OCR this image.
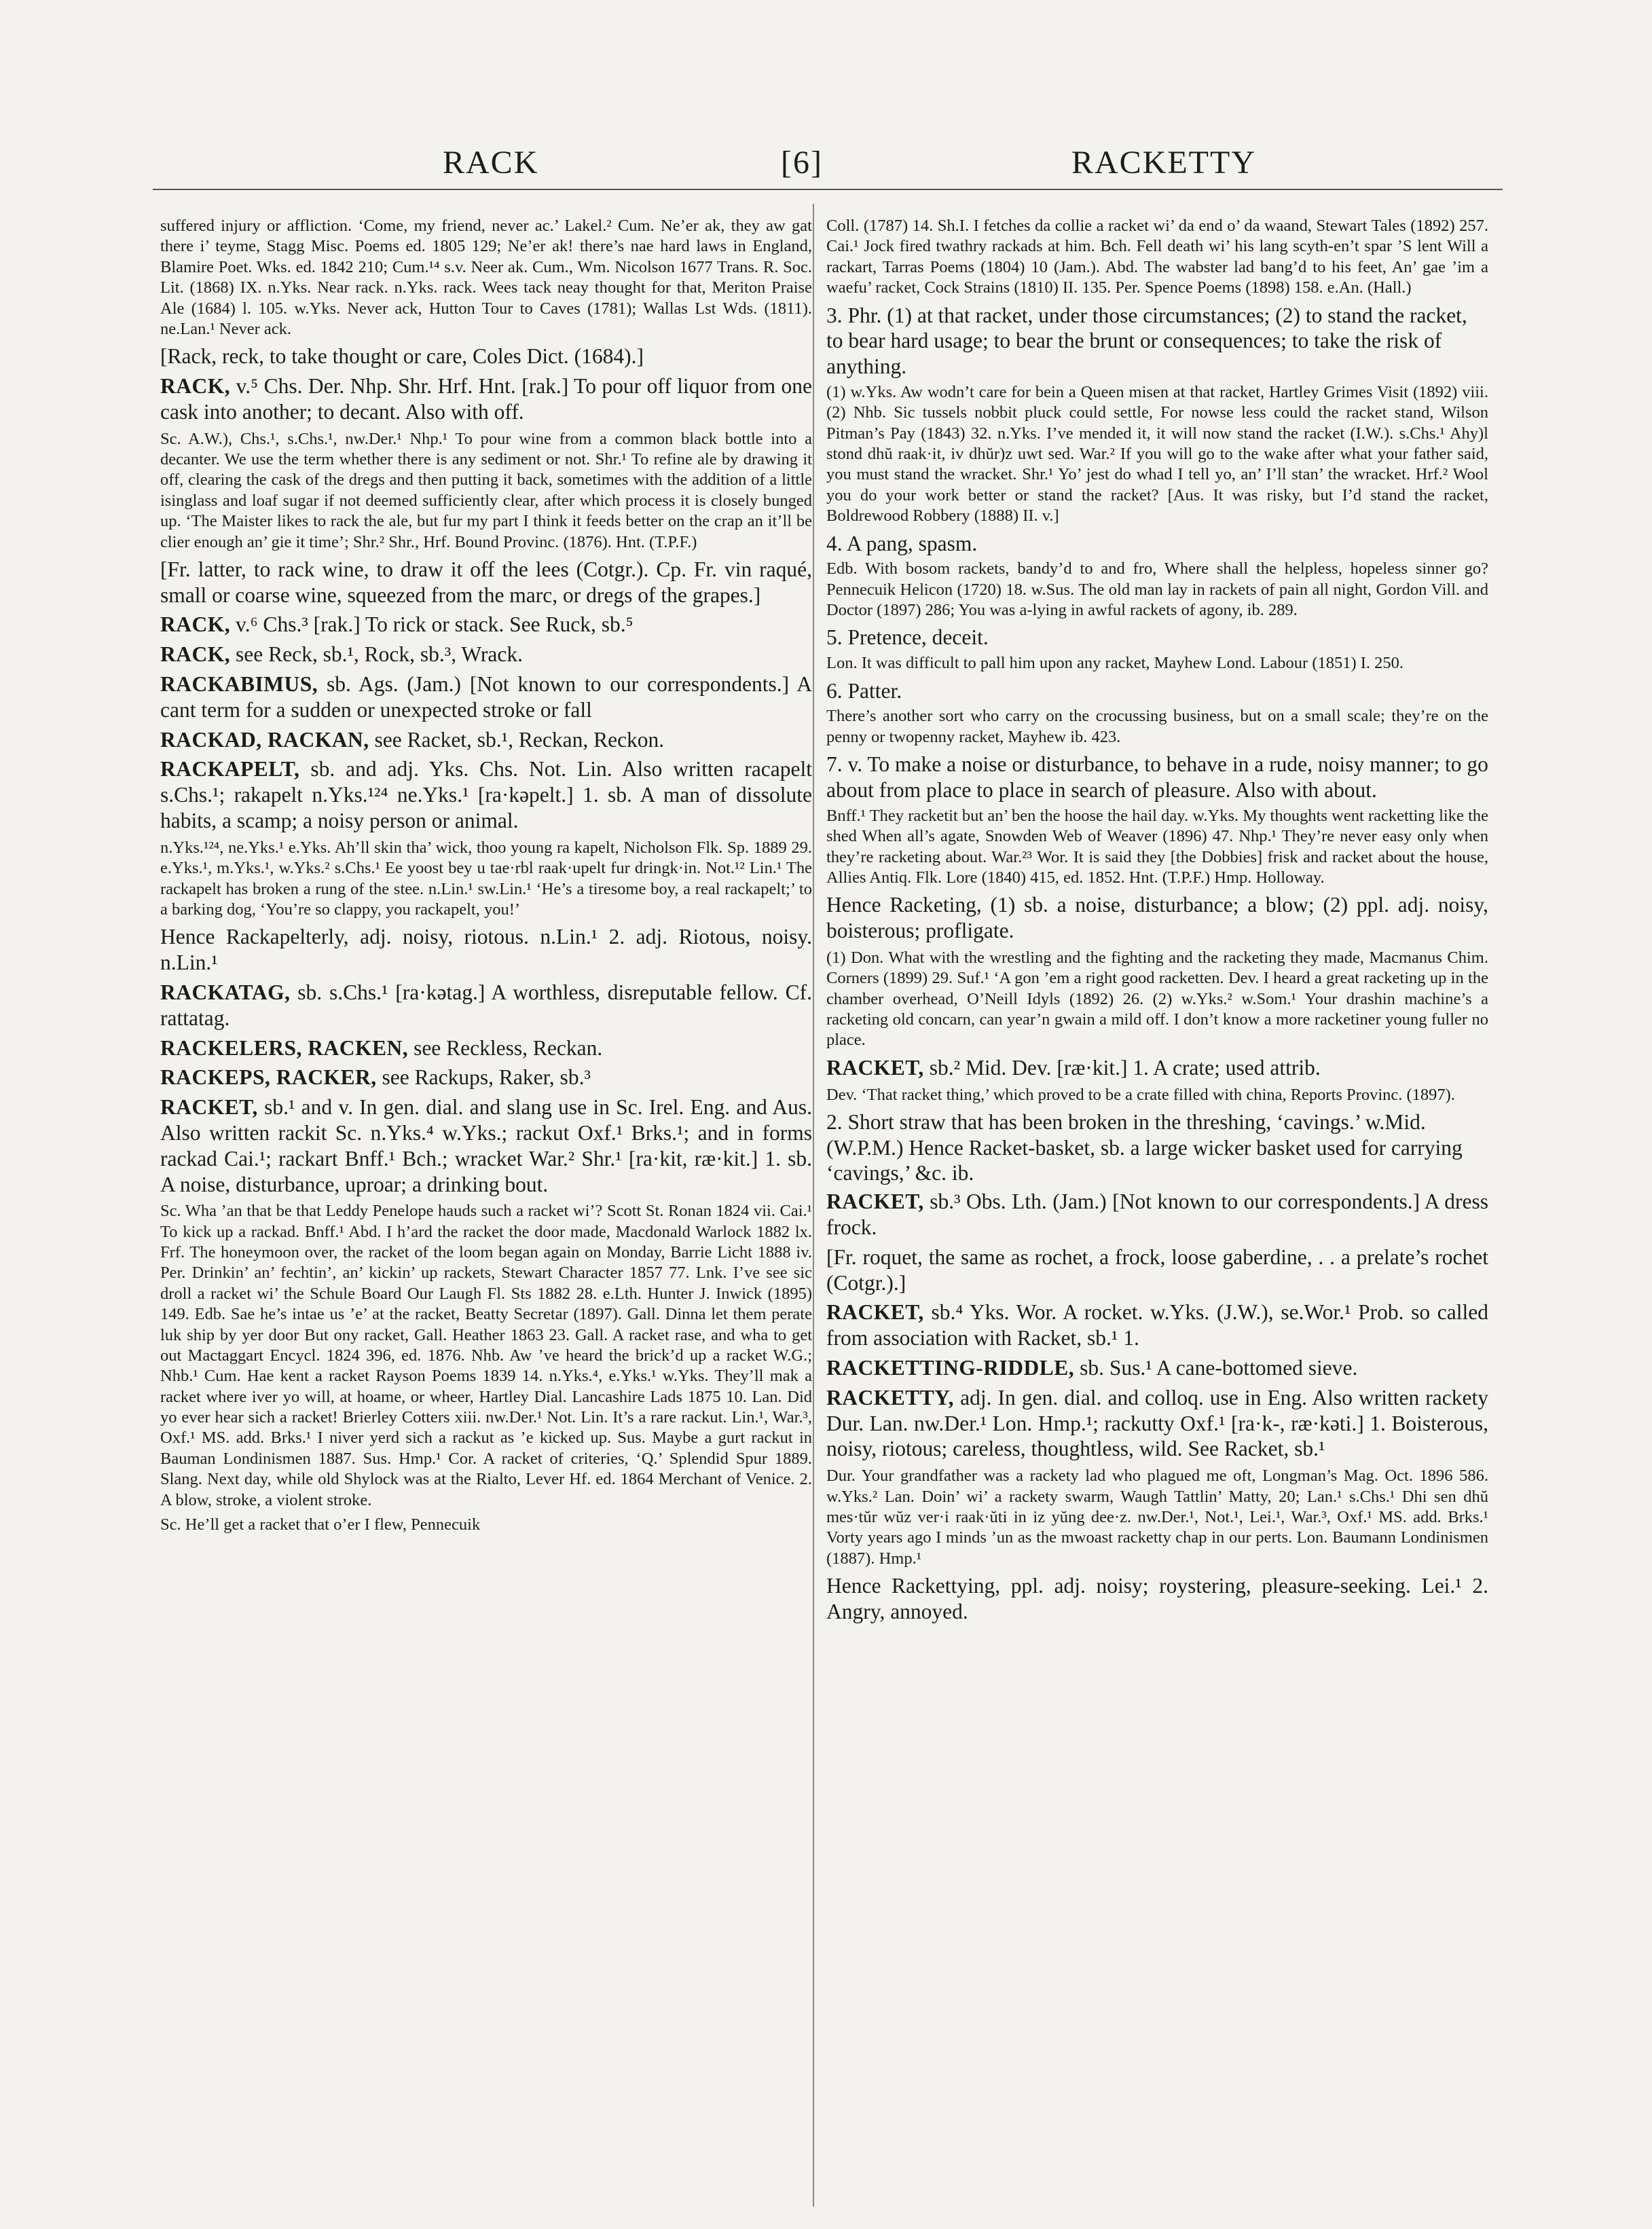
RACK	[6]	RACKETTY

suffered injury or affliction. ‘Come, my friend, never ac.’ Lakel.² Cum. Ne’er ak, they aw gat there i’ teyme, Stagg Misc. Poems ed. 1805 129; Ne’er ak! there’s nae hard laws in England, Blamire Poet. Wks. ed. 1842 210; Cum.¹⁴ s.v. Neer ak. Cum., Wm. Nicolson 1677 Trans. R. Soc. Lit. (1868) IX. n.Yks. Near rack. n.Yks. rack. Wees tack neay thought for that, Meriton Praise Ale (1684) l. 105. w.Yks. Never ack, Hutton Tour to Caves (1781); Wallas Lst Wds. (1811). ne.Lan.¹ Never ack.

[Rack, reck, to take thought or care, Coles Dict. (1684).]

RACK, v.⁵ Chs. Der. Nhp. Shr. Hrf. Hnt. [rak.] To pour off liquor from one cask into another; to decant. Also with off.

Sc. A.W.), Chs.¹, s.Chs.¹, nw.Der.¹ Nhp.¹ To pour wine from a common black bottle into a decanter. We use the term whether there is any sediment or not. Shr.¹ To refine ale by drawing it off, clearing the cask of the dregs and then putting it back, sometimes with the addition of a little isinglass and loaf sugar if not deemed sufficiently clear, after which process it is closely bunged up. ‘The Maister likes to rack the ale, but fur my part I think it feeds better on the crap an it’ll be clier enough an’ gie it time’; Shr.² Shr., Hrf. Bound Provinc. (1876). Hnt. (T.P.F.)

[Fr. latter, to rack wine, to draw it off the lees (Cotgr.). Cp. Fr. vin raqué, small or coarse wine, squeezed from the marc, or dregs of the grapes.]

RACK, v.⁶ Chs.³ [rak.] To rick or stack. See Ruck, sb.⁵

RACK, see Reck, sb.¹, Rock, sb.³, Wrack.

RACKABIMUS, sb. Ags. (Jam.) [Not known to our correspondents.] A cant term for a sudden or unexpected stroke or fall

RACKAD, RACKAN, see Racket, sb.¹, Reckan, Reckon.

RACKAPELT, sb. and adj. Yks. Chs. Not. Lin. Also written racapelt s.Chs.¹; rakapelt n.Yks.¹²⁴ ne.Yks.¹ [ra·kəpelt.] 1. sb. A man of dissolute habits, a scamp; a noisy person or animal.

n.Yks.¹²⁴, ne.Yks.¹ e.Yks. Ah’ll skin tha’ wick, thoo young ra kapelt, Nicholson Flk. Sp. 1889 29. e.Yks.¹, m.Yks.¹, w.Yks.² s.Chs.¹ Ee yoost bey u tae·rbl raak·upelt fur dringk·in. Not.¹² Lin.¹ The rackapelt has broken a rung of the stee. n.Lin.¹ sw.Lin.¹ ‘He’s a tiresome boy, a real rackapelt;’ to a barking dog, ‘You’re so clappy, you rackapelt, you!’

Hence Rackapelterly, adj. noisy, riotous. n.Lin.¹ 2. adj. Riotous, noisy. n.Lin.¹

RACKATAG, sb. s.Chs.¹ [ra·kətag.] A worthless, disreputable fellow. Cf. rattatag.

RACKELERS, RACKEN, see Reckless, Reckan.

RACKEPS, RACKER, see Rackups, Raker, sb.³

RACKET, sb.¹ and v. In gen. dial. and slang use in Sc. Irel. Eng. and Aus. Also written rackit Sc. n.Yks.⁴ w.Yks.; rackut Oxf.¹ Brks.¹; and in forms rackad Cai.¹; rackart Bnff.¹ Bch.; wracket War.² Shr.¹ [ra·kit, ræ·kit.] 1. sb. A noise, disturbance, uproar; a drinking bout.

Sc. Wha ’an that be that Leddy Penelope hauds such a racket wi’? Scott St. Ronan 1824 vii. Cai.¹ To kick up a rackad. Bnff.¹ Abd. I h’ard the racket the door made, Macdonald Warlock 1882 lx. Frf. The honeymoon over, the racket of the loom began again on Monday, Barrie Licht 1888 iv. Per. Drinkin’ an’ fechtin’, an’ kickin’ up rackets, Stewart Character 1857 77. Lnk. I’ve see sic droll a racket wi’ the Schule Board Our Laugh Fl. Sts 1882 28. e.Lth. Hunter J. Inwick (1895) 149. Edb. Sae he’s intae us ’e’ at the racket, Beatty Secretar (1897). Gall. Dinna let them perate luk ship by yer door But ony racket, Gall. Heather 1863 23. Gall. A racket rase, and wha to get out Mactaggart Encycl. 1824 396, ed. 1876. Nhb. Aw ’ve heard the brick’d up a racket W.G.; Nhb.¹ Cum. Hae kent a racket Rayson Poems 1839 14. n.Yks.⁴, e.Yks.¹ w.Yks. They’ll mak a racket where iver yo will, at hoame, or wheer, Hartley Dial. Lancashire Lads 1875 10. Lan. Did yo ever hear sich a racket! Brierley Cotters xiii. nw.Der.¹ Not. Lin. It’s a rare rackut. Lin.¹, War.³, Oxf.¹ MS. add. Brks.¹ I niver yerd sich a rackut as ’e kicked up. Sus. Maybe a gurt rackut in Bauman Londinismen 1887. Sus. Hmp.¹ Cor. A racket of criteries, ‘Q.’ Splendid Spur 1889. Slang. Next day, while old Shylock was at the Rialto, Lever Hf. ed. 1864 Merchant of Venice. 2. A blow, stroke, a violent stroke.

Sc. He’ll get a racket that o’er I flew, Pennecuik

Coll. (1787) 14. Sh.I. I fetches da collie a racket wi’ da end o’ da waand, Stewart Tales (1892) 257. Cai.¹ Jock fired twathry rackads at him. Bch. Fell death wi’ his lang scyth-en’t spar ’S lent Will a rackart, Tarras Poems (1804) 10 (Jam.). Abd. The wabster lad bang’d to his feet, An’ gae ’im a waefu’ racket, Cock Strains (1810) II. 135. Per. Spence Poems (1898) 158. e.An. (Hall.)

3. Phr. (1) at that racket, under those circumstances; (2) to stand the racket, to bear hard usage; to bear the brunt or consequences; to take the risk of anything.

(1) w.Yks. Aw wodn’t care for bein a Queen misen at that racket, Hartley Grimes Visit (1892) viii. (2) Nhb. Sic tussels nobbit pluck could settle, For nowse less could the racket stand, Wilson Pitman’s Pay (1843) 32. n.Yks. I’ve mended it, it will now stand the racket (I.W.). s.Chs.¹ Ahy)l stond dhŭ raak·it, iv dhŭr)z uwt sed. War.² If you will go to the wake after what your father said, you must stand the wracket. Shr.¹ Yo’ jest do whad I tell yo, an’ I’ll stan’ the wracket. Hrf.² Wool you do your work better or stand the racket? [Aus. It was risky, but I’d stand the racket, Boldrewood Robbery (1888) II. v.]

4. A pang, spasm.

Edb. With bosom rackets, bandy’d to and fro, Where shall the helpless, hopeless sinner go? Pennecuik Helicon (1720) 18. w.Sus. The old man lay in rackets of pain all night, Gordon Vill. and Doctor (1897) 286; You was a-lying in awful rackets of agony, ib. 289.

5. Pretence, deceit.

Lon. It was difficult to pall him upon any racket, Mayhew Lond. Labour (1851) I. 250.

6. Patter.

There’s another sort who carry on the crocussing business, but on a small scale; they’re on the penny or twopenny racket, Mayhew ib. 423.

7. v. To make a noise or disturbance, to behave in a rude, noisy manner; to go about from place to place in search of pleasure. Also with about.

Bnff.¹ They racketit but an’ ben the hoose the hail day. w.Yks. My thoughts went racketting like the shed When all’s agate, Snowden Web of Weaver (1896) 47. Nhp.¹ They’re never easy only when they’re racketing about. War.²³ Wor. It is said they [the Dobbies] frisk and racket about the house, Allies Antiq. Flk. Lore (1840) 415, ed. 1852. Hnt. (T.P.F.) Hmp. Holloway.

Hence Racketing, (1) sb. a noise, disturbance; a blow; (2) ppl. adj. noisy, boisterous; profligate.

(1) Don. What with the wrestling and the fighting and the racketing they made, Macmanus Chim. Corners (1899) 29. Suf.¹ ‘A gon ’em a right good racketten. Dev. I heard a great racketing up in the chamber overhead, O’Neill Idyls (1892) 26. (2) w.Yks.² w.Som.¹ Your drashin machine’s a racketing old concarn, can year’n gwain a mild off. I don’t know a more racketiner young fuller no place.

RACKET, sb.² Mid. Dev. [ræ·kit.] 1. A crate; used attrib.

Dev. ‘That racket thing,’ which proved to be a crate filled with china, Reports Provinc. (1897).

2. Short straw that has been broken in the threshing, ‘cavings.’ w.Mid. (W.P.M.) Hence Racket-basket, sb. a large wicker basket used for carrying ‘cavings,’ &c. ib.

RACKET, sb.³ Obs. Lth. (Jam.) [Not known to our correspondents.] A dress frock.

[Fr. roquet, the same as rochet, a frock, loose gaberdine, . . a prelate’s rochet (Cotgr.).]

RACKET, sb.⁴ Yks. Wor. A rocket. w.Yks. (J.W.), se.Wor.¹ Prob. so called from association with Racket, sb.¹ 1.

RACKETTING-RIDDLE, sb. Sus.¹ A cane-bottomed sieve.

RACKETTY, adj. In gen. dial. and colloq. use in Eng. Also written rackety Dur. Lan. nw.Der.¹ Lon. Hmp.¹; rackutty Oxf.¹ [ra·k-, ræ·kəti.] 1. Boisterous, noisy, riotous; careless, thoughtless, wild. See Racket, sb.¹

Dur. Your grandfather was a rackety lad who plagued me oft, Longman’s Mag. Oct. 1896 586. w.Yks.² Lan. Doin’ wi’ a rackety swarm, Waugh Tattlin’ Matty, 20; Lan.¹ s.Chs.¹ Dhi sen dhŭ mes·tŭr wŭz ver·i raak·ŭti in iz yŭng dee·z. nw.Der.¹, Not.¹, Lei.¹, War.³, Oxf.¹ MS. add. Brks.¹ Vorty years ago I minds ’un as the mwoast racketty chap in our perts. Lon. Baumann Londinismen (1887). Hmp.¹

Hence Rackettying, ppl. adj. noisy; roystering, pleasure-seeking. Lei.¹ 2. Angry, annoyed.
